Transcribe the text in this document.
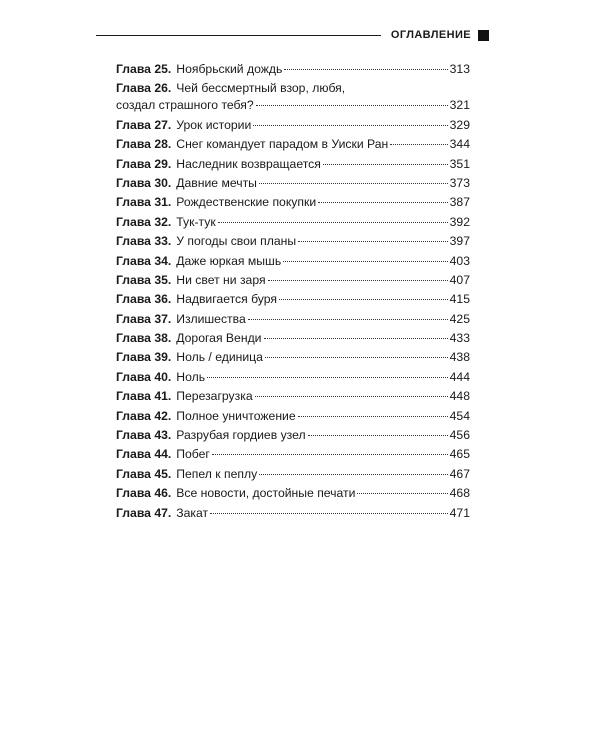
ОГЛАВЛЕНИЕ
Глава 25. Ноябрьский дождь	313
Глава 26. Чей бессмертный взор, любя,
создал страшного тебя?	321
Глава 27. Урок истории	329
Глава 28. Снег командует парадом в Уиски Ран	344
Глава 29. Наследник возвращается	351
Глава 30. Давние мечты	373
Глава 31. Рождественские покупки	387
Глава 32. Тук-тук	392
Глава 33. У погоды свои планы	397
Глава 34. Даже юркая мышь	403
Глава 35. Ни свет ни заря	407
Глава 36. Надвигается буря	415
Глава 37. Излишества	425
Глава 38. Дорогая Венди	433
Глава 39. Ноль / единица	438
Глава 40. Ноль	444
Глава 41. Перезагрузка	448
Глава 42. Полное уничтожение	454
Глава 43. Разрубая гордиев узел	456
Глава 44. Побег	465
Глава 45. Пепел к пеплу	467
Глава 46. Все новости, достойные печати	468
Глава 47. Закат	471
